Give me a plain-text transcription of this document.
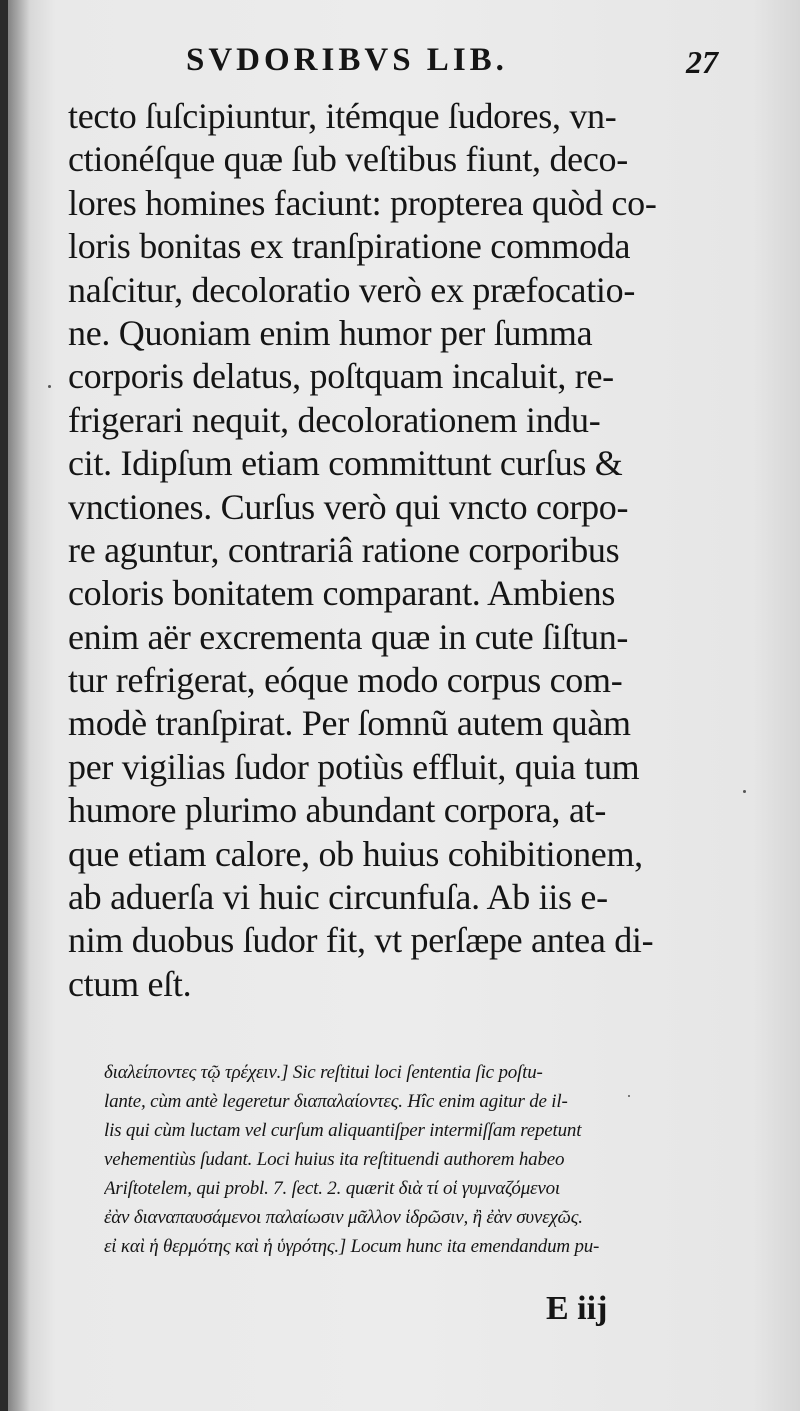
SVDORIBVS LIB.	27
tecto ſuſcipiuntur, itémque ſudores, vn-
ctionéſque quæ ſub veſtibus fiunt, deco-
lores homines faciunt: propterea quòd co-
loris bonitas ex tranſpiratione commoda
naſcitur, decoloratio verò ex præfocatio-
ne. Quoniam enim humor per ſumma
corporis delatus, poſtquam incaluit, re-
frigerari nequit, decolorationem indu-
cit. Idipſum etiam committunt curſus &
vnctiones. Curſus verò qui vncto corpo-
re aguntur, contrariâ ratione corporibus
coloris bonitatem comparant. Ambiens
enim aër excrementa quæ in cute ſiſtun-
tur refrigerat, eóque modo corpus com-
modè tranſpirat. Per ſomnũ autem quàm
per vigilias ſudor potiùs effluit, quia tum
humore plurimo abundant corpora, at-
que etiam calore, ob huius cohibitionem,
ab aduerſa vi huic circunfuſa. Ab iis e-
nim duobus ſudor fit, vt perſæpe antea di-
ctum eſt.
διαλείποντες τῷ τρέχειν.] Sic reſtitui loci ſententia ſic poſtu-
lante, cùm antè legeretur διαπαλαίοντες. Hîc enim agitur de il-
lis qui cùm luctam vel curſum aliquantiſper intermiſſam repetunt
vehementiùs ſudant. Loci huius ita reſtituendi authorem habeo
Ariſtotelem, qui probl. 7. ſect. 2. quærit διὰ τί οἱ γυμναζόμενοι
ἐὰν διαναπαυσάμενοι παλαίωσιν μᾶλλον ἱδρῶσιν, ἢ ἐὰν συνεχῶς.
εἰ καὶ ἡ θερμότης καὶ ἡ ὑγρότης.] Locum hunc ita emendandum pu-
E iij
